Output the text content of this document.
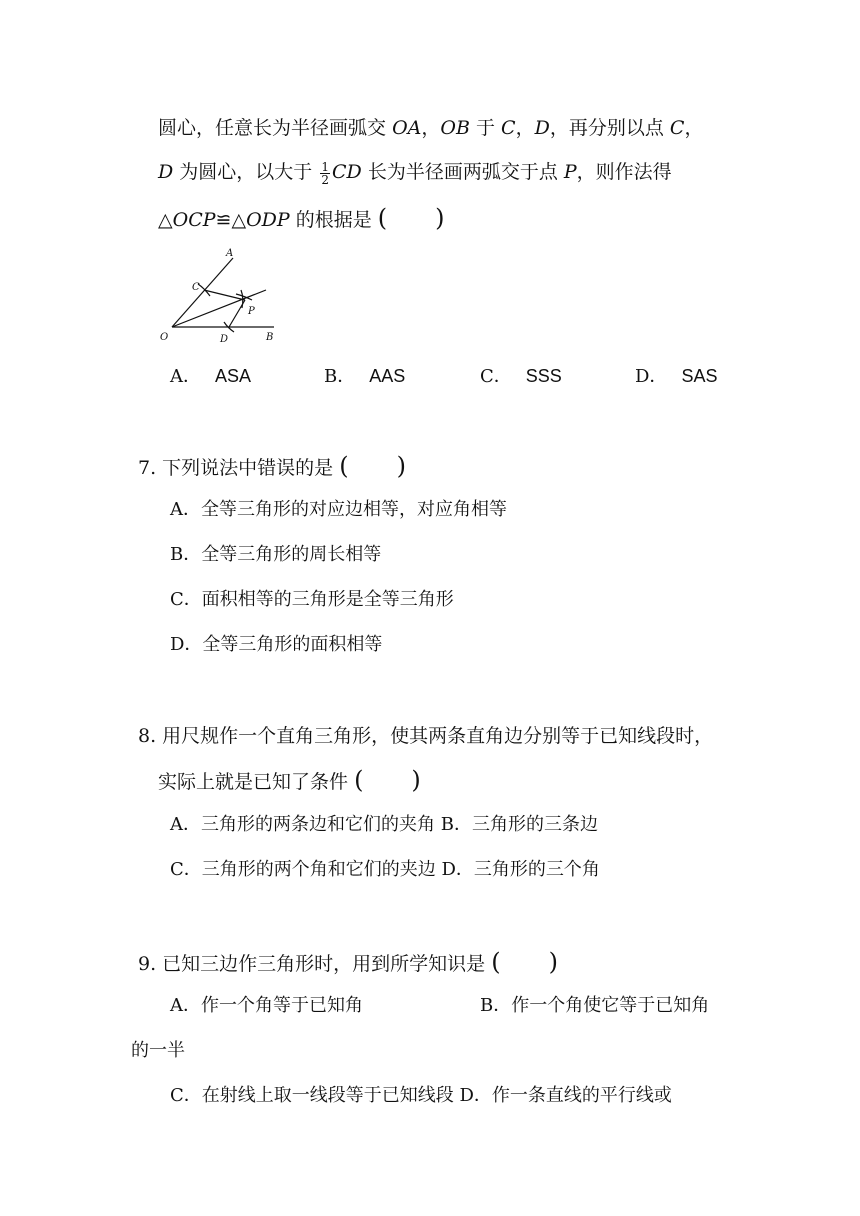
圆心，任意长为半径画弧交 OA，OB 于 C，D，再分别以点 C，
D 为圆心，以大于 $\frac{1}{2}$ CD 长为半径画两弧交于点 P，则作法得
△OCP≌△ODP 的根据是 (　　)
A
C
P
O	D	B
A． ASA	B． AAS	C． SSS	D． SAS
7. 下列说法中错误的是 (　　)
A．全等三角形的对应边相等，对应角相等
B．全等三角形的周长相等
C．面积相等的三角形是全等三角形
D．全等三角形的面积相等
8. 用尺规作一个直角三角形，使其两条直角边分别等于已知线段时，
实际上就是已知了条件 (　　)
A．三角形的两条边和它们的夹角 B．三角形的三条边
C．三角形的两个角和它们的夹边 D．三角形的三个角
9. 已知三边作三角形时，用到所学知识是 (　　)
A．作一个角等于已知角	B．作一个角使它等于已知角
的一半
C．在射线上取一线段等于已知线段 D．作一条直线的平行线或
